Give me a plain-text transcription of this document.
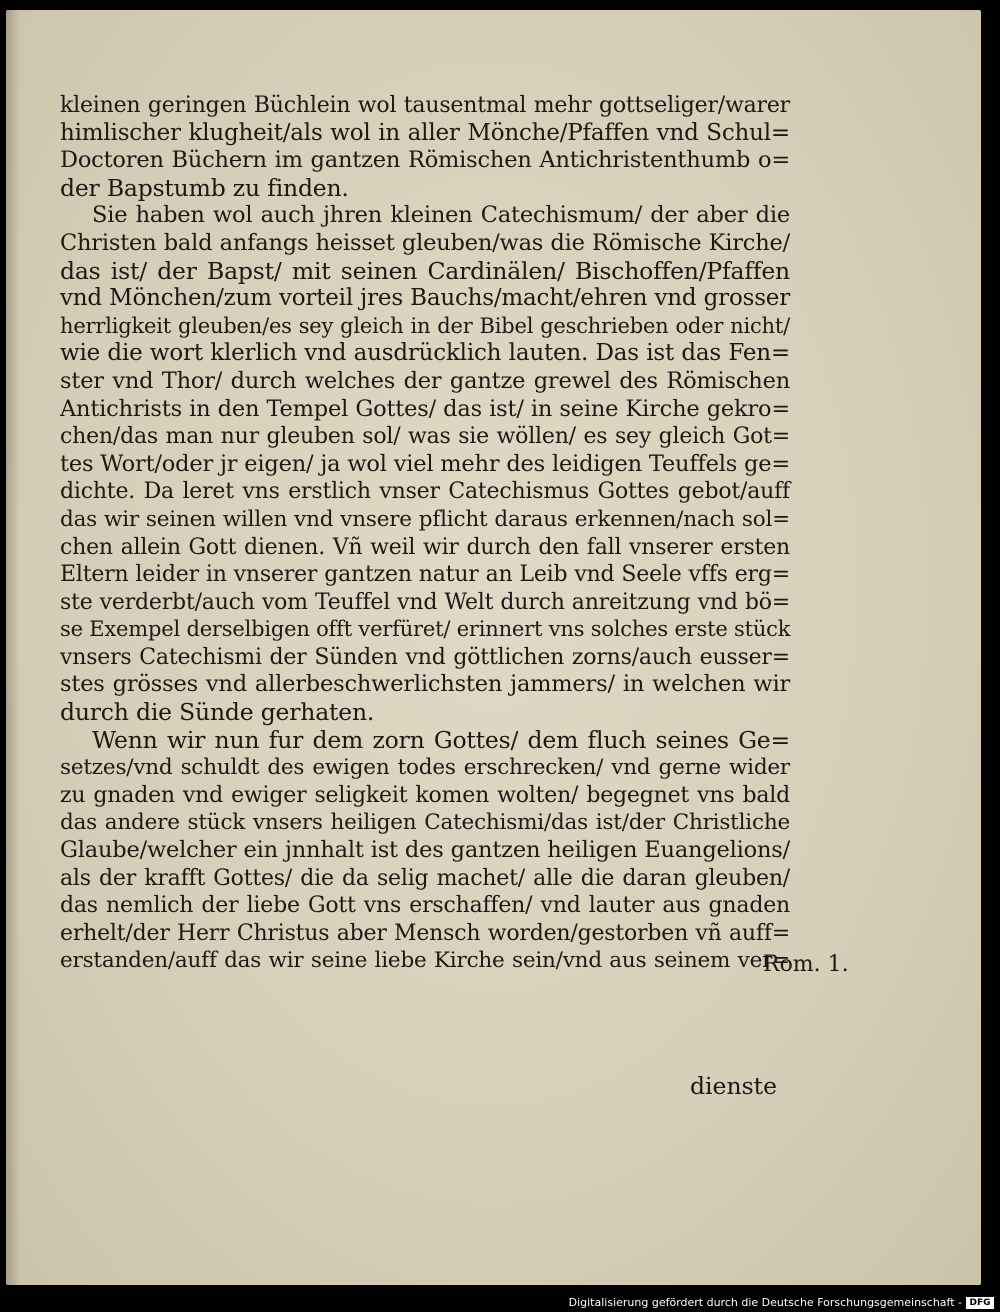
kleinen geringen Büchlein wol tausentmal mehr gottseliger/warer
himlischer klugheit/als wol in aller Mönche/Pfaffen vnd Schul=
Doctoren Büchern im gantzen Römischen Antichristenthumb o=
der Bapstumb zu finden.
Sie haben wol auch jhren kleinen Catechismum/ der aber die
Christen bald anfangs heisset gleuben/was die Römische Kirche/
das ist/ der Bapst/ mit seinen Cardinälen/ Bischoffen/Pfaffen
vnd Mönchen/zum vorteil jres Bauchs/macht/ehren vnd grosser
herrligkeit gleuben/es sey gleich in der Bibel geschrieben oder nicht/
wie die wort klerlich vnd ausdrücklich lauten. Das ist das Fen=
ster vnd Thor/ durch welches der gantze grewel des Römischen
Antichrists in den Tempel Gottes/ das ist/ in seine Kirche gekro=
chen/das man nur gleuben sol/ was sie wöllen/ es sey gleich Got=
tes Wort/oder jr eigen/ ja wol viel mehr des leidigen Teuffels ge=
dichte. Da leret vns erstlich vnser Catechismus Gottes gebot/auff
das wir seinen willen vnd vnsere pflicht daraus erkennen/nach sol=
chen allein Gott dienen. Vñ weil wir durch den fall vnserer ersten
Eltern leider in vnserer gantzen natur an Leib vnd Seele vffs erg=
ste verderbt/auch vom Teuffel vnd Welt durch anreitzung vnd bö=
se Exempel derselbigen offt verfüret/ erinnert vns solches erste stück
vnsers Catechismi der Sünden vnd göttlichen zorns/auch eusser=
stes grösses vnd allerbeschwerlichsten jammers/ in welchen wir
durch die Sünde gerhaten.
Wenn wir nun fur dem zorn Gottes/ dem fluch seines Ge=
setzes/vnd schuldt des ewigen todes erschrecken/ vnd gerne wider
zu gnaden vnd ewiger seligkeit komen wolten/ begegnet vns bald
das andere stück vnsers heiligen Catechismi/das ist/der Christliche
Glaube/welcher ein jnnhalt ist des gantzen heiligen Euangelions/
als der krafft Gottes/ die da selig machet/ alle die daran gleuben/
das nemlich der liebe Gott vns erschaffen/ vnd lauter aus gnaden
erhelt/der Herr Christus aber Mensch worden/gestorben vñ auff=
erstanden/auff das wir seine liebe Kirche sein/vnd aus seinem ver=
Rom. 1.
dienste
Digitalisierung gefördert durch die Deutsche Forschungsgemeinschaft - DFG
